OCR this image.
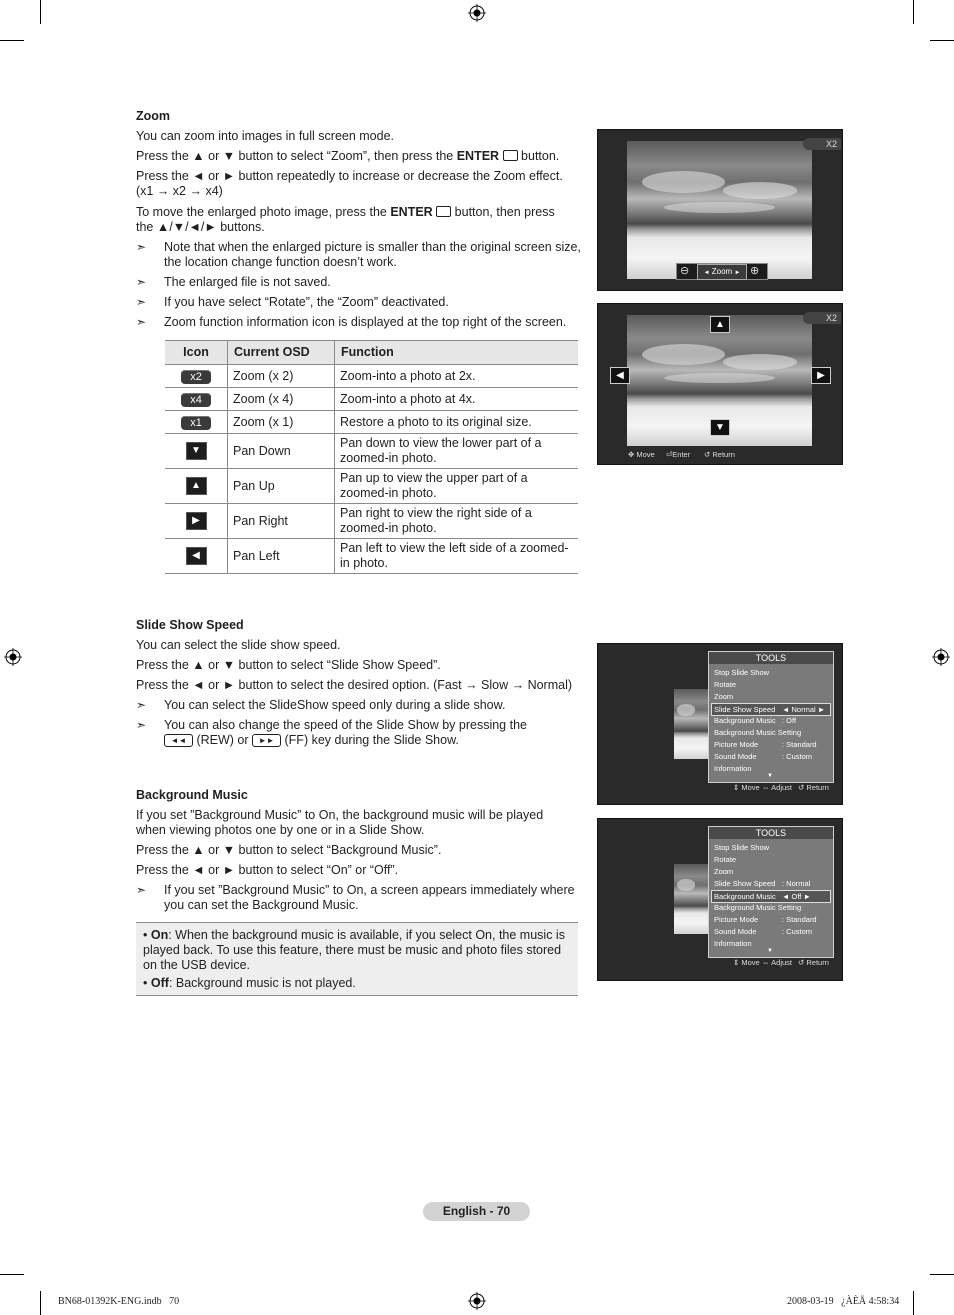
Zoom
You can zoom into images in full screen mode.
Press the ▲ or ▼ button to select “Zoom”, then press the ENTER  button.
Press the ◄ or ► button repeatedly to increase or decrease the Zoom effect.
(x1 → x2 → x4)
To move the enlarged photo image, press the ENTER  button, then press
the ▲/▼/◄/► buttons.
➣ Note that when the enlarged picture is smaller than the original screen size, the location change function doesn’t work.
➣ The enlarged file is not saved.
➣ If you have select “Rotate”, the “Zoom” deactivated.
➣ Zoom function information icon is displayed at the top right of the screen.
Icon	Current OSD	Function
x2	Zoom (x 2)	Zoom-into a photo at 2x.
x4	Zoom (x 4)	Zoom-into a photo at 4x.
x1	Zoom (x 1)	Restore a photo to its original size.
▼	Pan Down	Pan down to view the lower part of a zoomed-in photo.
▲	Pan Up	Pan up to view the upper part of a zoomed-in photo.
▶	Pan Right	Pan right to view the right side of a zoomed-in photo.
◀	Pan Left	Pan left to view the left side of a zoomed-in photo.
X2
⊖	◄ Zoom ► ⊕
X2
▲
▼
◀	▶
✥ Move ⏎Enter ↺ Return
Slide Show Speed
You can select the slide show speed.
Press the ▲ or ▼ button to select “Slide Show Speed”.
Press the ◄ or ► button to select the desired option. (Fast → Slow → Normal)
➣ You can select the SlideShow speed only during a slide show.
➣ You can also change the speed of the Slide Show by pressing the
◄◄ (REW) or ►► (FF) key during the Slide Show.
Background Music
If you set ”Background Music” to On, the background music will be played when viewing photos one by one or in a Slide Show.
Press the ▲ or ▼ button to select “Background Music”.
Press the ◄ or ► button to select “On” or “Off”.
➣ If you set ”Background Music” to On, a screen appears immediately where you can set the Background Music.
• On: When the background music is available, if you select On, the music is played back. To use this feature, there must be music and photo files stored on the USB device.
• Off: Background music is not played.
TOOLS
Stop Slide Show
Rotate
Zoom
Slide Show Speed ◄ Normal ►
Background Music : Off
Background Music Setting
Picture Mode	: Standard
Sound Mode	: Custom
Information
▼
⇕ Move ⇔ Adjust ↺ Return
TOOLS
Stop Slide Show
Rotate
Zoom
Slide Show Speed : Normal
Background Music ◄ Off ►
Background Music Setting
Picture Mode	: Standard
Sound Mode	: Custom
Information
▼
⇕ Move ⇔ Adjust ↺ Return
English - 70
BN68-01392K-ENG.indb   70	2008-03-19   ¿ÀÈÄ 4:58:34
